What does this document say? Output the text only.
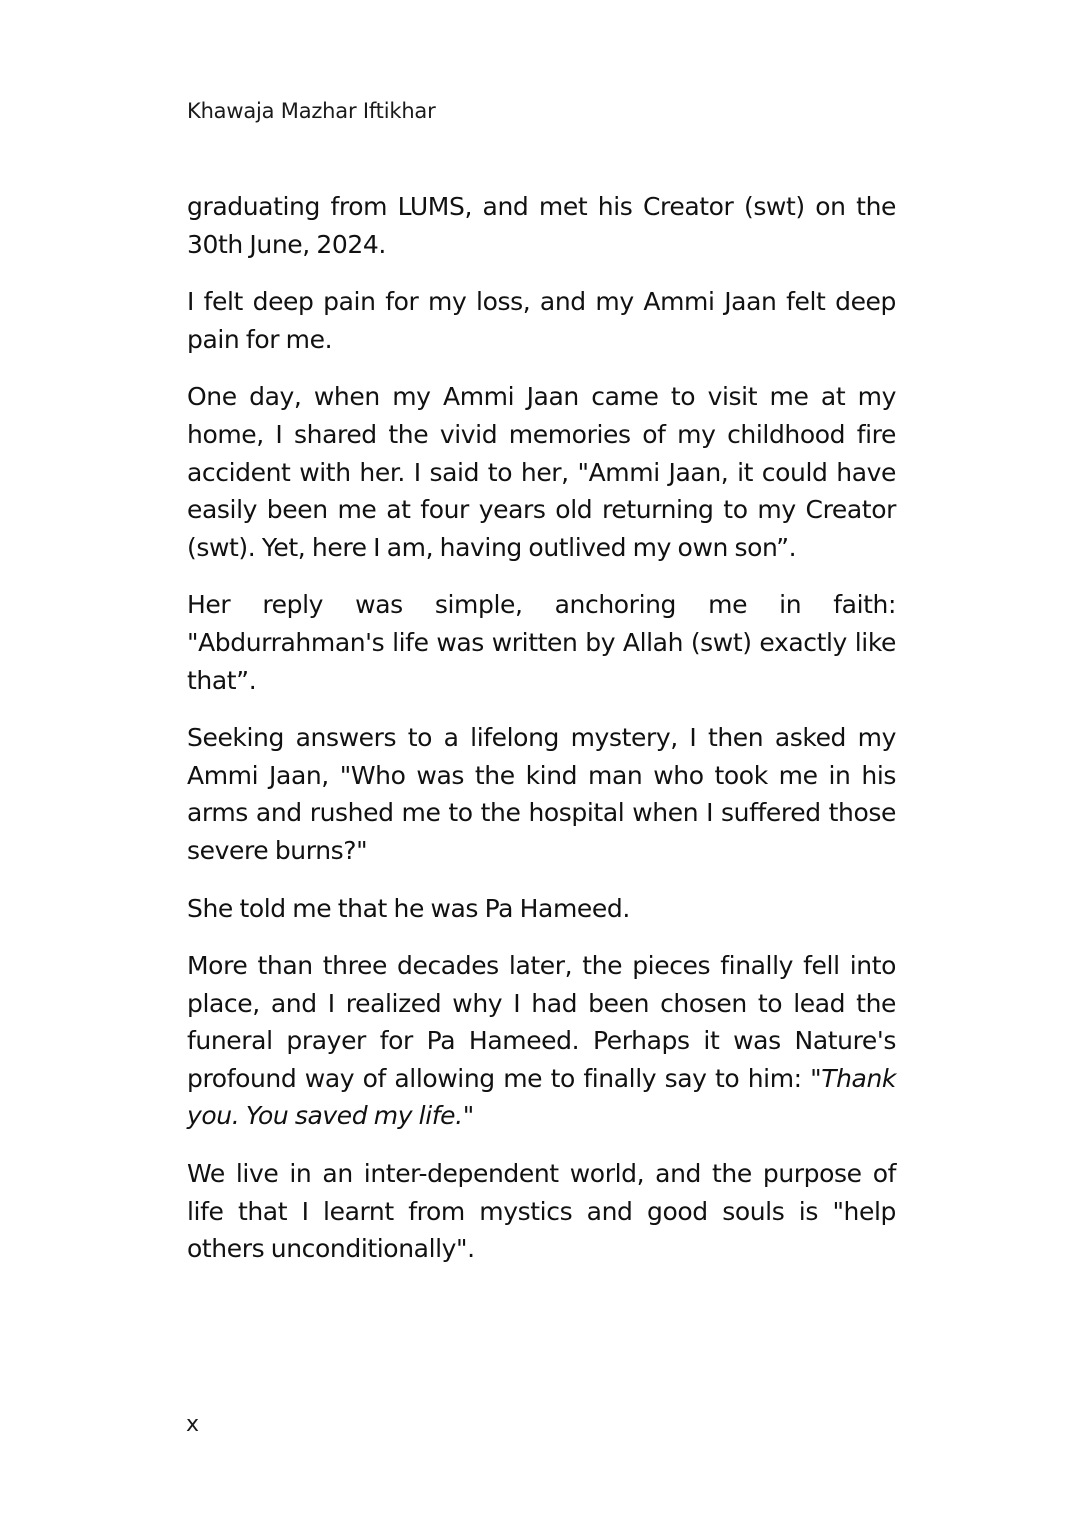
Khawaja Mazhar Iftikhar

graduating from LUMS, and met his Creator (swt) on the 30th June, 2024.

I felt deep pain for my loss, and my Ammi Jaan felt deep pain for me.

One day, when my Ammi Jaan came to visit me at my home, I shared the vivid memories of my childhood fire accident with her. I said to her, "Ammi Jaan, it could have easily been me at four years old returning to my Creator (swt). Yet, here I am, having outlived my own son”.

Her reply was simple, anchoring me in faith: "Abdurrahman's life was written by Allah (swt) exactly like that”.

Seeking answers to a lifelong mystery, I then asked my Ammi Jaan, "Who was the kind man who took me in his arms and rushed me to the hospital when I suffered those severe burns?"

She told me that he was Pa Hameed.

More than three decades later, the pieces finally fell into place, and I realized why I had been chosen to lead the funeral prayer for Pa Hameed. Perhaps it was Nature's profound way of allowing me to finally say to him: "Thank you. You saved my life."

We live in an inter-dependent world, and the purpose of life that I learnt from mystics and good souls is "help others unconditionally".

x
